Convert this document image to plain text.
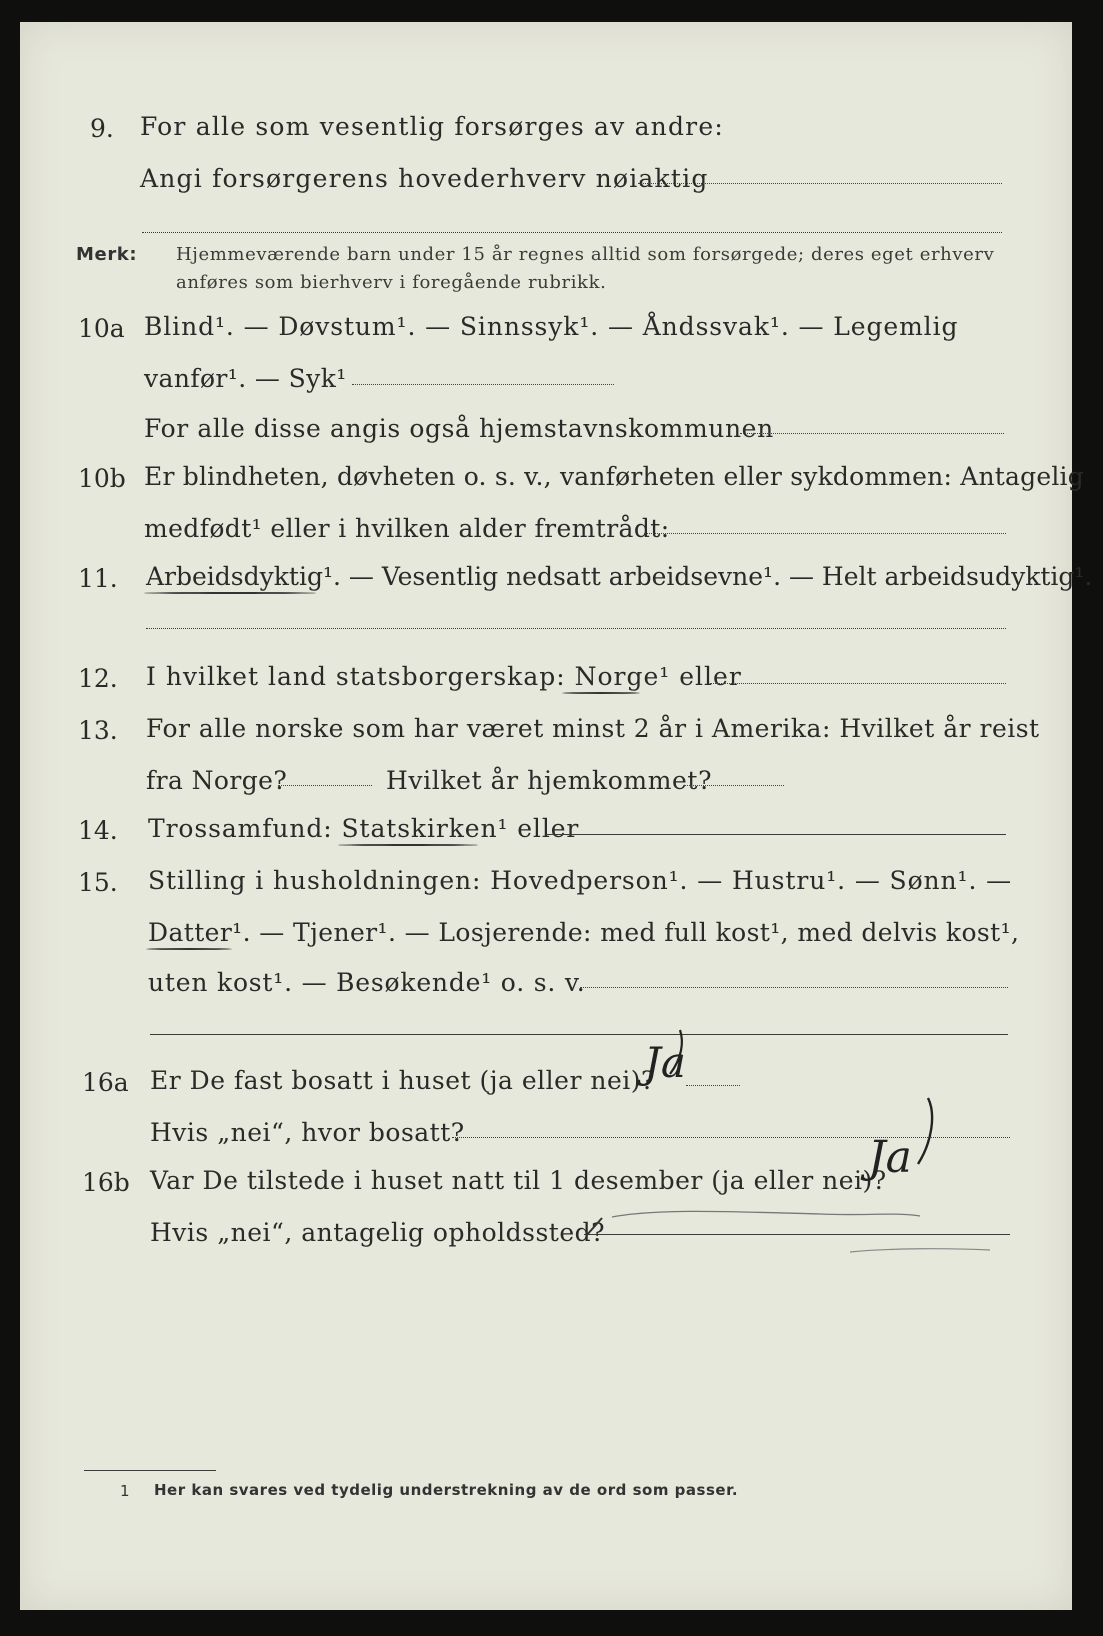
9. For alle som vesentlig forsørges av andre:
Angi forsørgerens hovederhverv nøiaktig
Merk: Hjemmeværende barn under 15 år regnes alltid som forsørgede; deres eget erhverv
anføres som bierhverv i foregående rubrikk.
10a Blind¹. — Døvstum¹. — Sinnssyk¹. — Åndssvak¹. — Legemlig
vanfør¹. — Syk¹
For alle disse angis også hjemstavnskommunen
10b Er blindheten, døvheten o. s. v., vanførheten eller sykdommen: Antagelig
medfødt¹ eller i hvilken alder fremtrådt:
11. Arbeidsdyktig¹. — Vesentlig nedsatt arbeidsevne¹. — Helt arbeidsudyktig¹.
12. I hvilket land statsborgerskap: Norge¹ eller
13. For alle norske som har været minst 2 år i Amerika: Hvilket år reist
fra Norge?	Hvilket år hjemkommet?
14. Trossamfund: Statskirken¹ eller
15. Stilling i husholdningen: Hovedperson¹. — Hustru¹. — Sønn¹. —
Datter¹. — Tjener¹. — Losjerende: med full kost¹, med delvis kost¹,
uten kost¹. — Besøkende¹ o. s. v.
16a Er De fast bosatt i huset (ja eller nei)?
Ja
Hvis „nei“, hvor bosatt?
16b Var De tilstede i huset natt til 1 desember (ja eller nei)?
Ja
Hvis „nei“, antagelig opholdssted?
1 Her kan svares ved tydelig understrekning av de ord som passer.
